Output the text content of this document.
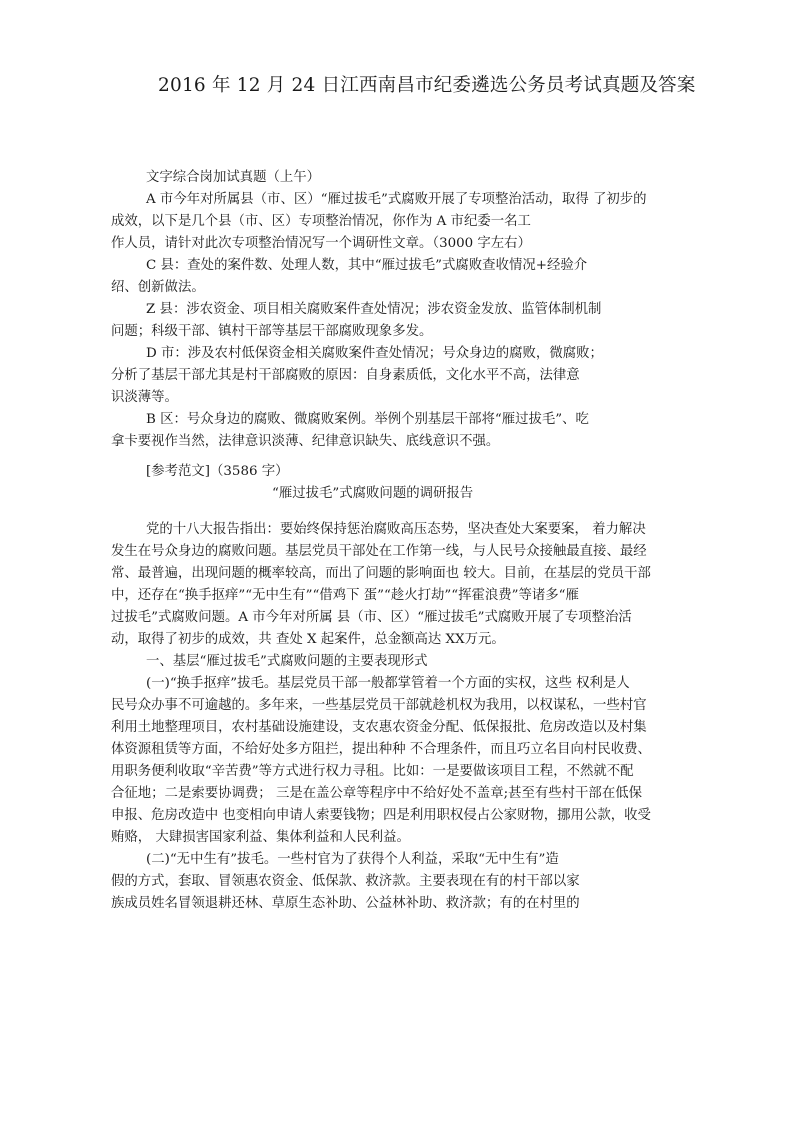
2016 年 12 月 24 日江西南昌市纪委遴选公务员考试真题及答案
文字综合岗加试真题（上午）
A 市今年对所属县（市、区）“雁过拔毛”式腐败开展了专项整治活动，取得 了初步的
成效，以下是几个县（市、区）专项整治情况，你作为 A 市纪委一名工
作人员，请针对此次专项整治情况写一个调研性文章。（3000 字左右）
C 县：查处的案件数、处理人数，其中“雁过拔毛”式腐败查收情况+经验介
绍、创新做法。
Z 县：涉农资金、项目相关腐败案件查处情况；涉农资金发放、监管体制机制
问题；科级干部、镇村干部等基层干部腐败现象多发。
D 市：涉及农村低保资金相关腐败案件查处情况；号众身边的腐败，微腐败；
分析了基层干部尤其是村干部腐败的原因：自身素质低，文化水平不高，法律意
识淡薄等。
B 区：号众身边的腐败、微腐败案例。举例个别基层干部将“雁过拔毛”、吃
拿卡要视作当然，法律意识淡薄、纪律意识缺失、底线意识不强。
[参考范文]（3586 字）
“雁过拔毛”式腐败问题的调研报告
党的十八大报告指出：要始终保持惩治腐败高压态势，坚决查处大案要案， 着力解决
发生在号众身边的腐败问题。基层党员干部处在工作第一线，与人民号众接触最直接、最经
常、最普遍，出现问题的概率较高，而出了问题的影响面也 较大。目前，在基层的党员干部
中，还存在“换手抠痒”“无中生有”“借鸡下 蛋”“趁火打劫”“挥霍浪费”等诸多“雁
过拔毛”式腐败问题。A 市今年对所属 县（市、区）“雁过拔毛”式腐败开展了专项整治活
动，取得了初步的成效，共 查处 X 起案件，总金额高达 XX万元。
一、基层“雁过拔毛”式腐败问题的主要表现形式
(一)“换手抠痒”拔毛。基层党员干部一般都掌管着一个方面的实权，这些 权利是人
民号众办事不可逾越的。多年来，一些基层党员干部就趁机权为我用，以权谋私，一些村官
利用土地整理项目，农村基础设施建设，支农惠农资金分配、低保报批、危房改造以及村集
体资源租赁等方面，不给好处多方阻拦，提出种种 不合理条件，而且巧立名目向村民收费、
用职务便利收取“辛苦费”等方式进行权力寻租。比如：一是要做该项目工程，不然就不配
合征地；二是索要协调费； 三是在盖公章等程序中不给好处不盖章;甚至有些村干部在低保
申报、危房改造中 也变相向申请人索要钱物；四是利用职权侵占公家财物，挪用公款，收受
贿赂， 大肆损害国家利益、集体利益和人民利益。
(二)“无中生有”拔毛。一些村官为了获得个人利益，采取“无中生有”造
假的方式，套取、冒领惠农资金、低保款、救济款。主要表现在有的村干部以家
族成员姓名冒领退耕还林、草原生态补助、公益林补助、救济款；有的在村里的
